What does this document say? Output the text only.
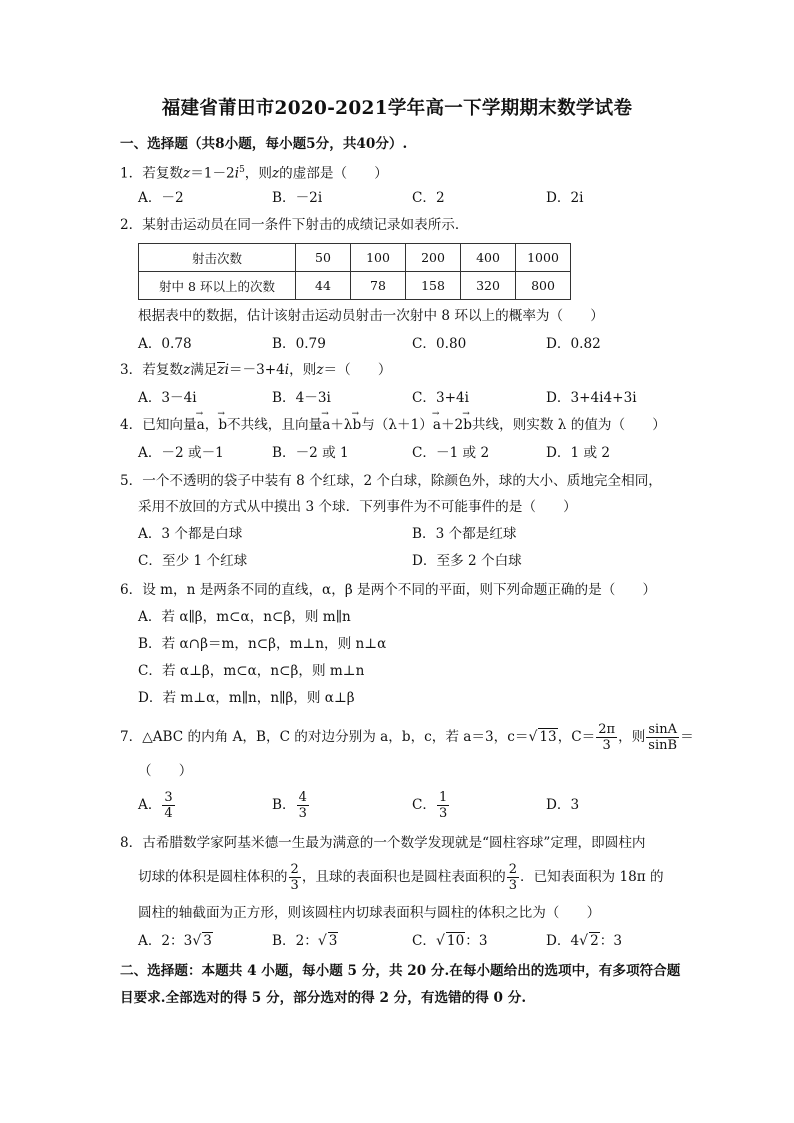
福建省莆田市2020-2021学年高一下学期期末数学试卷
一、选择题（共8小题，每小题5分，共40分）.
1．若复数$z=1-2i^5$，则z的虚部是（　　）
A．－2	B．－2i	C．2	D．2i
2．某射击运动员在同一条件下射击的成绩记录如表所示．
射击次数	50	100	200	400	1000
射中 8 环以上的次数	44	78	158	320	800
根据表中的数据，估计该射击运动员射击一次射中 8 环以上的概率为（　　）
A．0.78	B．0.79	C．0.80	D．0.82
3．若复数z满足zi＝－3+4i，则z＝（　　）
A．3－4i	B．4－3i	C．3+4i	D．3+4i4+3i
4．已知向量→ a，→ b不共线，且向量→ a＋λ→ b与（λ＋1）→ a＋2→ b共线，则实数 λ 的值为（　　）
A．－2 或－1	B．－2 或 1	C．－1 或 2	D．1 或 2
5．一个不透明的袋子中装有 8 个红球，2 个白球，除颜色外，球的大小、质地完全相同，
采用不放回的方式从中摸出 3 个球．下列事件为不可能事件的是（　　）
A．3 个都是白球	B．3 个都是红球
C．至少 1 个红球	D．至多 2 个白球
6．设 m，n 是两条不同的直线，α，β 是两个不同的平面，则下列命题正确的是（　　）
A．若 α∥β，m⊂α，n⊂β，则 m∥n
B．若 α∩β＝m，n⊂β，m⊥n，则 n⊥α
C．若 α⊥β，m⊂α，n⊂β，则 m⊥n
D．若 m⊥α，m∥n，n∥β，则 α⊥β
7．△ABC 的内角 A，B，C 的对边分别为 a，b，c，若 a＝3，c＝√ 13，$C= \frac{2\pi}{3}$ ，则 $\frac{\sin A}{\sin B}$ ＝
（　　）
A． $\frac{3}{4}$	B． $\frac{4}{3}$	C． $\frac{1}{3}$	D．3
8．古希腊数学家阿基米德一生最为满意的一个数学发现就是“圆柱容球”定理，即圆柱内
切球的体积是圆柱体积的 $\frac{2}{3}$ ，且球的表面积也是圆柱表面积的 $\frac{2}{3}$ ．已知表面积为 18π 的
圆柱的轴截面为正方形，则该圆柱内切球表面积与圆柱的体积之比为（　　）
A．2：3√ 3	B．2：√ 3	C．√ 10：3	D．4√ 2：3
二、选择题：本题共 4 小题，每小题 5 分，共 20 分.在每小题给出的选项中，有多项符合题
目要求.全部选对的得 5 分，部分选对的得 2 分，有选错的得 0 分.
